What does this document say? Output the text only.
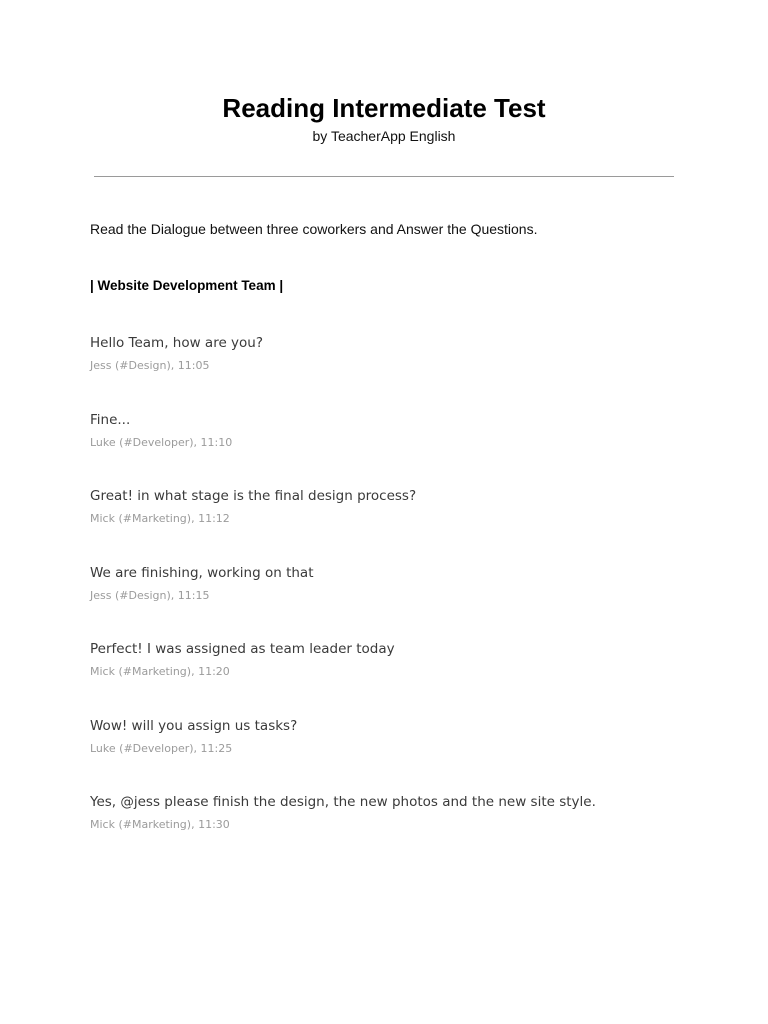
Reading Intermediate Test
by TeacherApp English

Read the Dialogue between three coworkers and Answer the Questions.

| Website Development Team |
Hello Team, how are you?
Jess (#Design), 11:05
Fine...
Luke (#Developer), 11:10
Great! in what stage is the final design process?
Mick (#Marketing), 11:12
We are finishing, working on that
Jess (#Design), 11:15
Perfect! I was assigned as team leader today
Mick (#Marketing), 11:20
Wow! will you assign us tasks?
Luke (#Developer), 11:25
Yes, @jess please finish the design, the new photos and the new site style.
Mick (#Marketing), 11:30
